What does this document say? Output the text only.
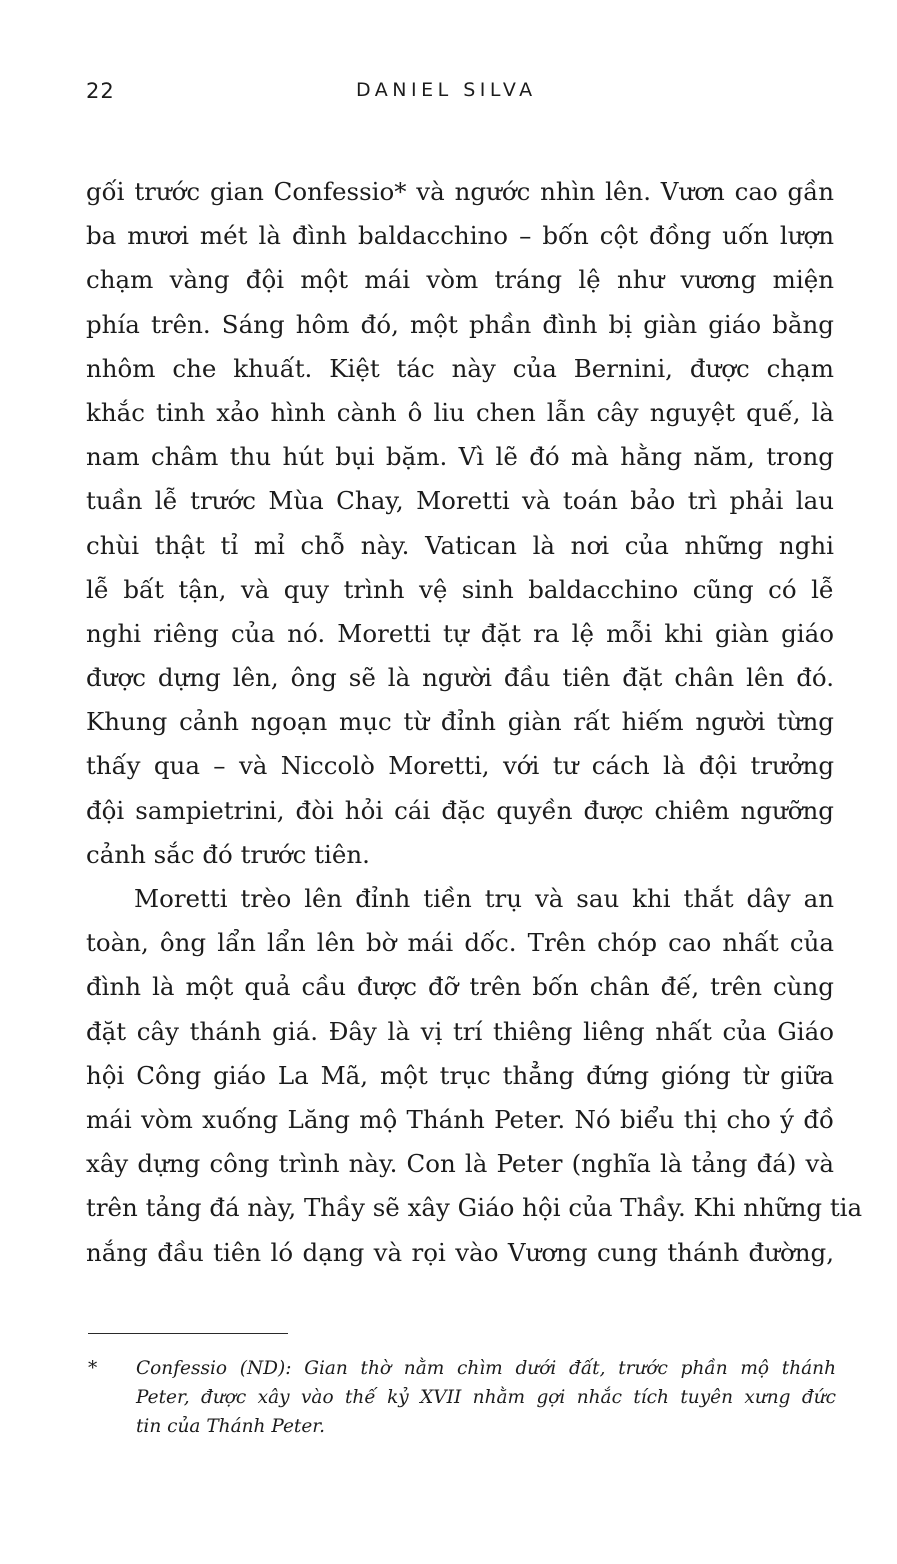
22	DANIEL SILVA
gối trước gian Confessio* và ngước nhìn lên. Vươn cao gần
ba mươi mét là đình baldacchino – bốn cột đồng uốn lượn
chạm vàng đội một mái vòm tráng lệ như vương miện
phía trên. Sáng hôm đó, một phần đình bị giàn giáo bằng
nhôm che khuất. Kiệt tác này của Bernini, được chạm
khắc tinh xảo hình cành ô liu chen lẫn cây nguyệt quế, là
nam châm thu hút bụi bặm. Vì lẽ đó mà hằng năm, trong
tuần lễ trước Mùa Chay, Moretti và toán bảo trì phải lau
chùi thật tỉ mỉ chỗ này. Vatican là nơi của những nghi
lễ bất tận, và quy trình vệ sinh baldacchino cũng có lễ
nghi riêng của nó. Moretti tự đặt ra lệ mỗi khi giàn giáo
được dựng lên, ông sẽ là người đầu tiên đặt chân lên đó.
Khung cảnh ngoạn mục từ đỉnh giàn rất hiếm người từng
thấy qua – và Niccolò Moretti, với tư cách là đội trưởng
đội sampietrini, đòi hỏi cái đặc quyền được chiêm ngưỡng
cảnh sắc đó trước tiên.
Moretti trèo lên đỉnh tiền trụ và sau khi thắt dây an
toàn, ông lẩn lẩn lên bờ mái dốc. Trên chóp cao nhất của
đình là một quả cầu được đỡ trên bốn chân đế, trên cùng
đặt cây thánh giá. Đây là vị trí thiêng liêng nhất của Giáo
hội Công giáo La Mã, một trục thẳng đứng gióng từ giữa
mái vòm xuống Lăng mộ Thánh Peter. Nó biểu thị cho ý đồ
xây dựng công trình này. Con là Peter (nghĩa là tảng đá) và
trên tảng đá này, Thầy sẽ xây Giáo hội của Thầy. Khi những tia
nắng đầu tiên ló dạng và rọi vào Vương cung thánh đường,
* Confessio (ND): Gian thờ nằm chìm dưới đất, trước phần mộ thánh
Peter, được xây vào thế kỷ XVII nhằm gợi nhắc tích tuyên xưng đức
tin của Thánh Peter.
